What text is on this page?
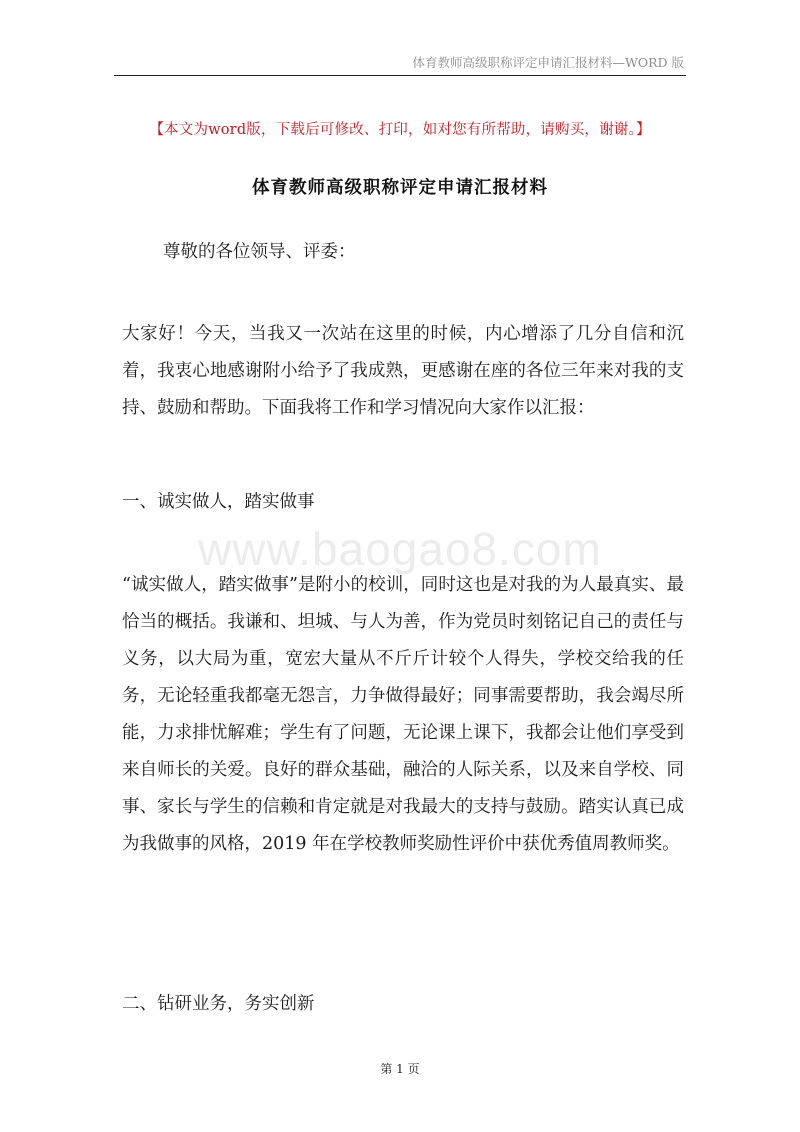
体育教师高级职称评定申请汇报材料—WORD 版
【本文为word版，下载后可修改、打印，如对您有所帮助，请购买，谢谢。】
体育教师高级职称评定申请汇报材料
尊敬的各位领导、评委：
大家好！今天，当我又一次站在这里的时候，内心增添了几分自信和沉着，我衷心地感谢附小给予了我成熟，更感谢在座的各位三年来对我的支持、鼓励和帮助。下面我将工作和学习情况向大家作以汇报：
一、诚实做人，踏实做事
www.baogao8.com
“诚实做人，踏实做事”是附小的校训，同时这也是对我的为人最真实、最恰当的概括。我谦和、坦城、与人为善，作为党员时刻铭记自己的责任与义务，以大局为重，宽宏大量从不斤斤计较个人得失，学校交给我的任务，无论轻重我都毫无怨言，力争做得最好；同事需要帮助，我会竭尽所能，力求排忧解难；学生有了问题，无论课上课下，我都会让他们享受到来自师长的关爱。良好的群众基础，融洽的人际关系，以及来自学校、同事、家长与学生的信赖和肯定就是对我最大的支持与鼓励。踏实认真已成为我做事的风格，2019 年在学校教师奖励性评价中获优秀值周教师奖。
二、钻研业务，务实创新
第 1 页
